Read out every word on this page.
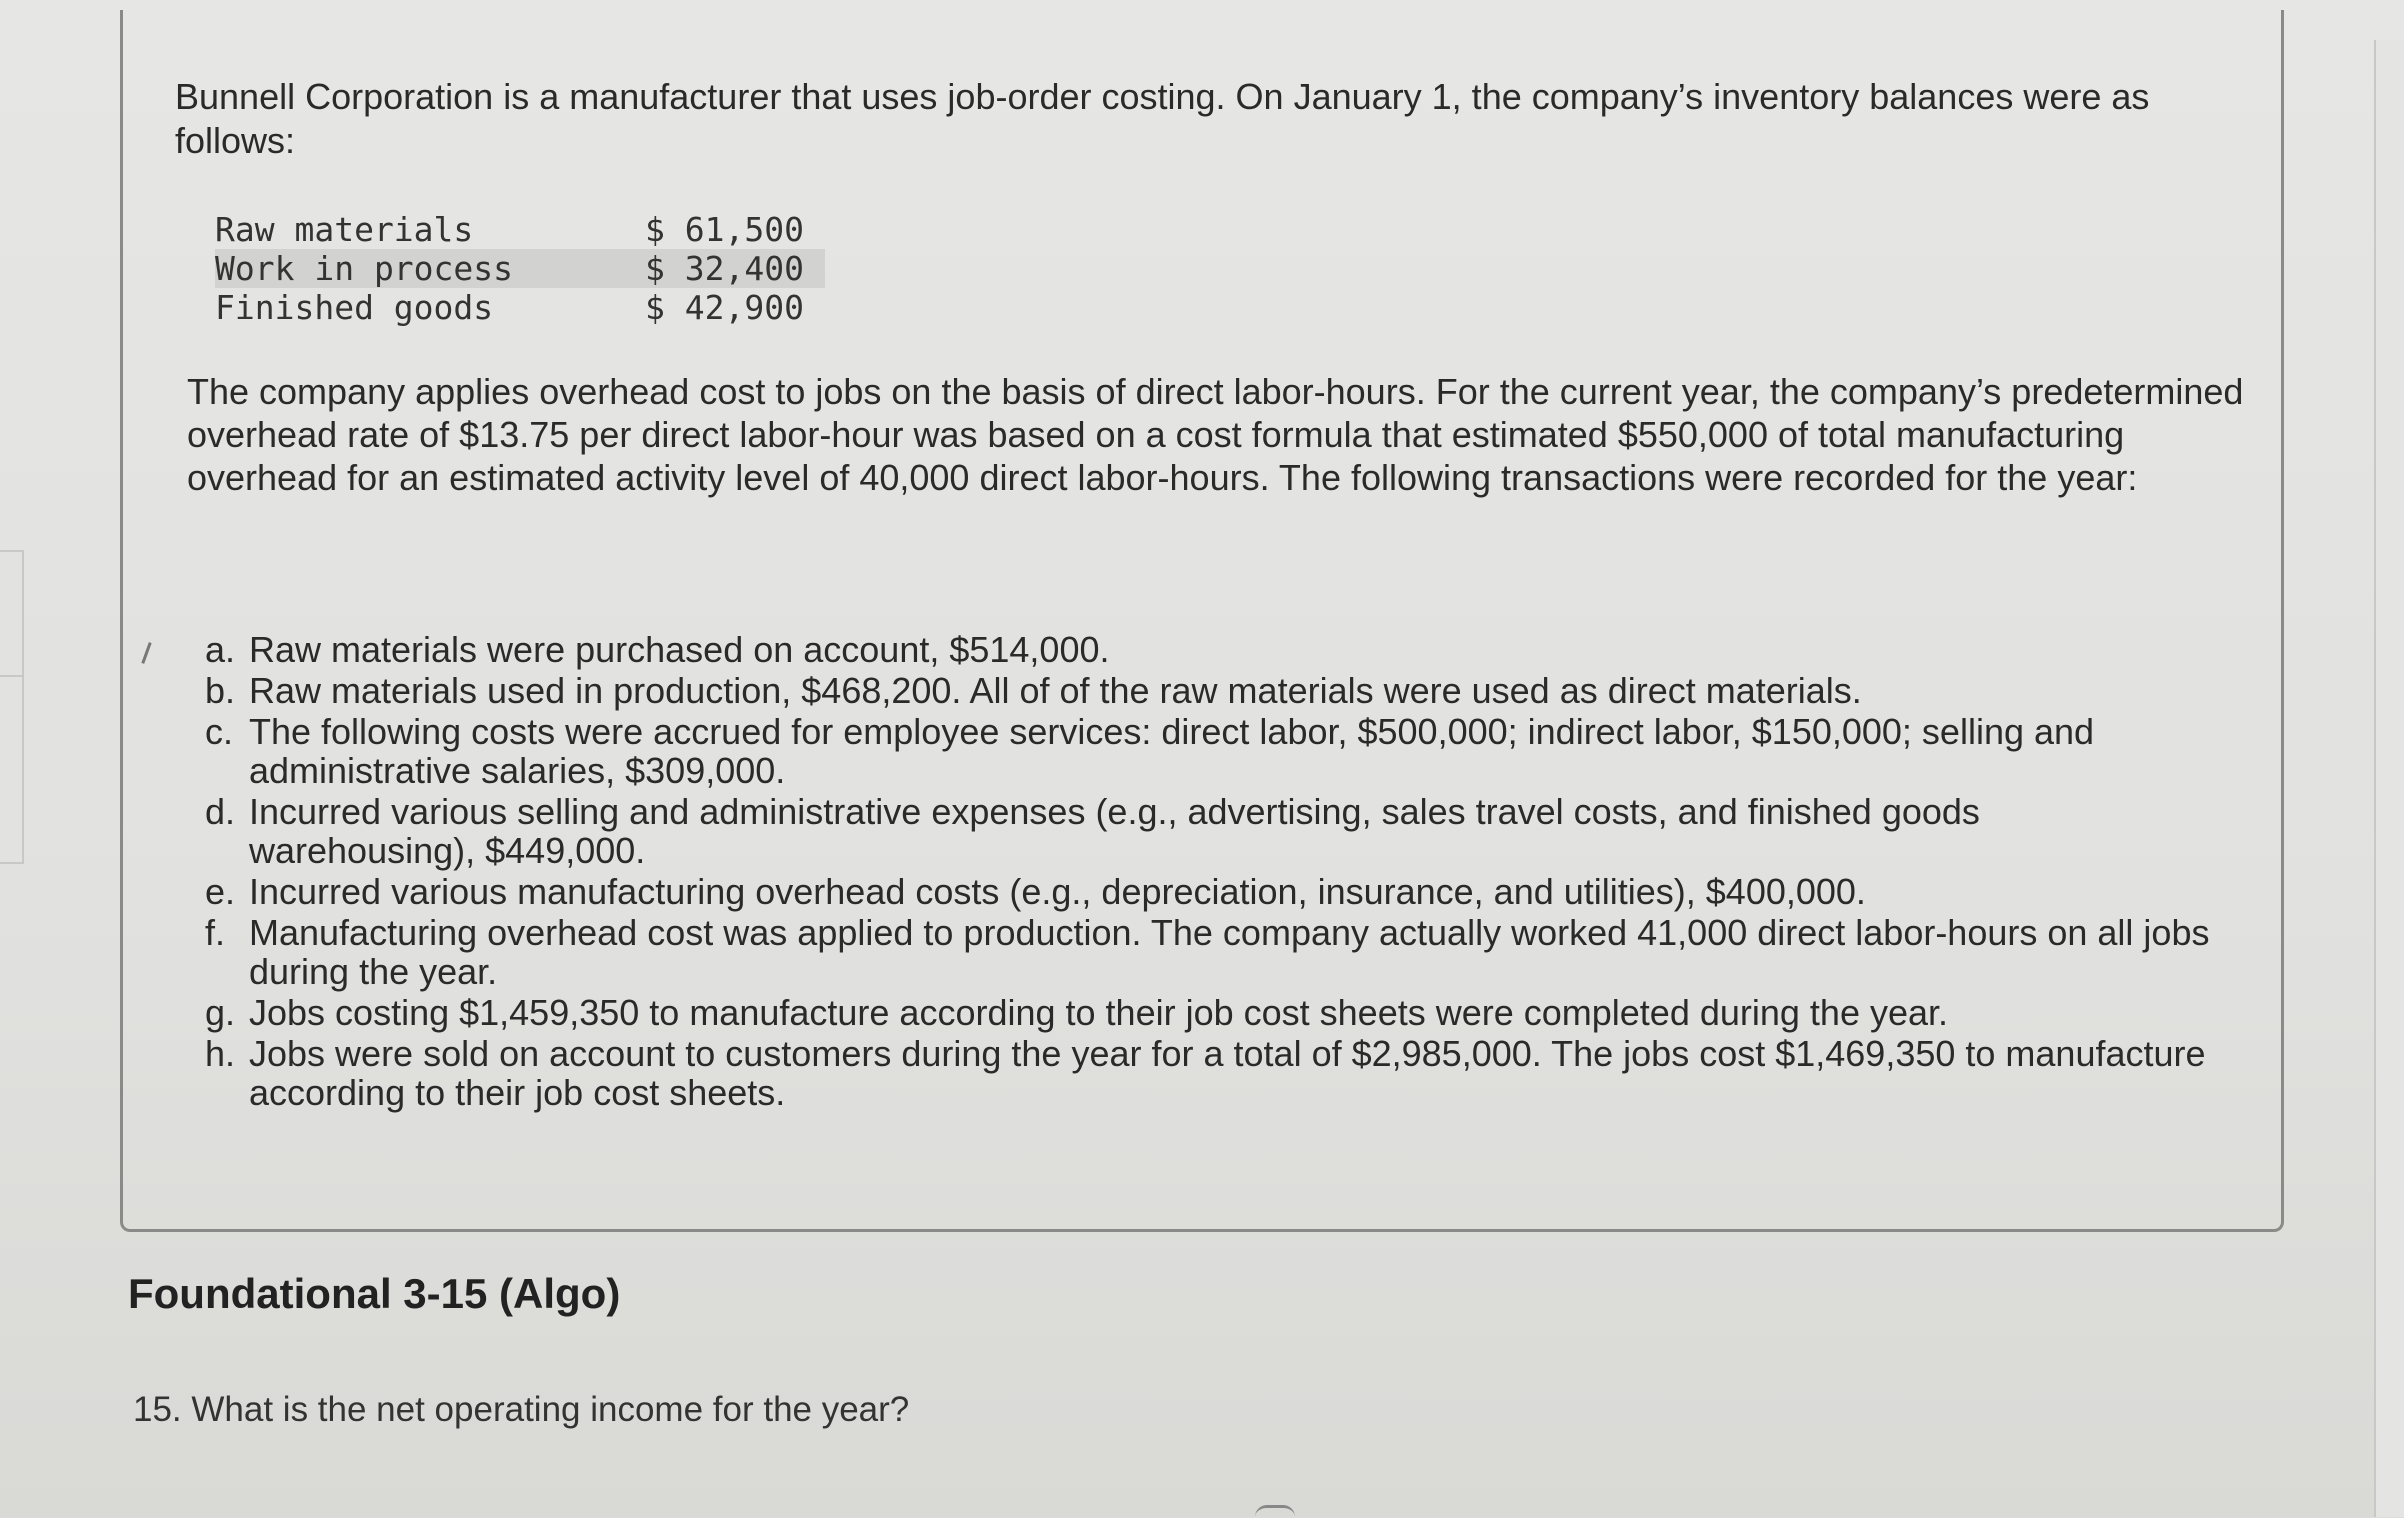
Bunnell Corporation is a manufacturer that uses job-order costing. On January 1, the company’s inventory balances were as follows:

Raw materials	$ 61,500
Work in process	$ 32,400
Finished goods	$ 42,900

The company applies overhead cost to jobs on the basis of direct labor-hours. For the current year, the company’s predetermined overhead rate of $13.75 per direct labor-hour was based on a cost formula that estimated $550,000 of total manufacturing overhead for an estimated activity level of 40,000 direct labor-hours. The following transactions were recorded for the year:

a. Raw materials were purchased on account, $514,000.
b. Raw materials used in production, $468,200. All of of the raw materials were used as direct materials.
c. The following costs were accrued for employee services: direct labor, $500,000; indirect labor, $150,000; selling and administrative salaries, $309,000.
d. Incurred various selling and administrative expenses (e.g., advertising, sales travel costs, and finished goods warehousing), $449,000.
e. Incurred various manufacturing overhead costs (e.g., depreciation, insurance, and utilities), $400,000.
f. Manufacturing overhead cost was applied to production. The company actually worked 41,000 direct labor-hours on all jobs during the year.
g. Jobs costing $1,459,350 to manufacture according to their job cost sheets were completed during the year.
h. Jobs were sold on account to customers during the year for a total of $2,985,000. The jobs cost $1,469,350 to manufacture according to their job cost sheets.
Foundational 3-15 (Algo)

15. What is the net operating income for the year?
